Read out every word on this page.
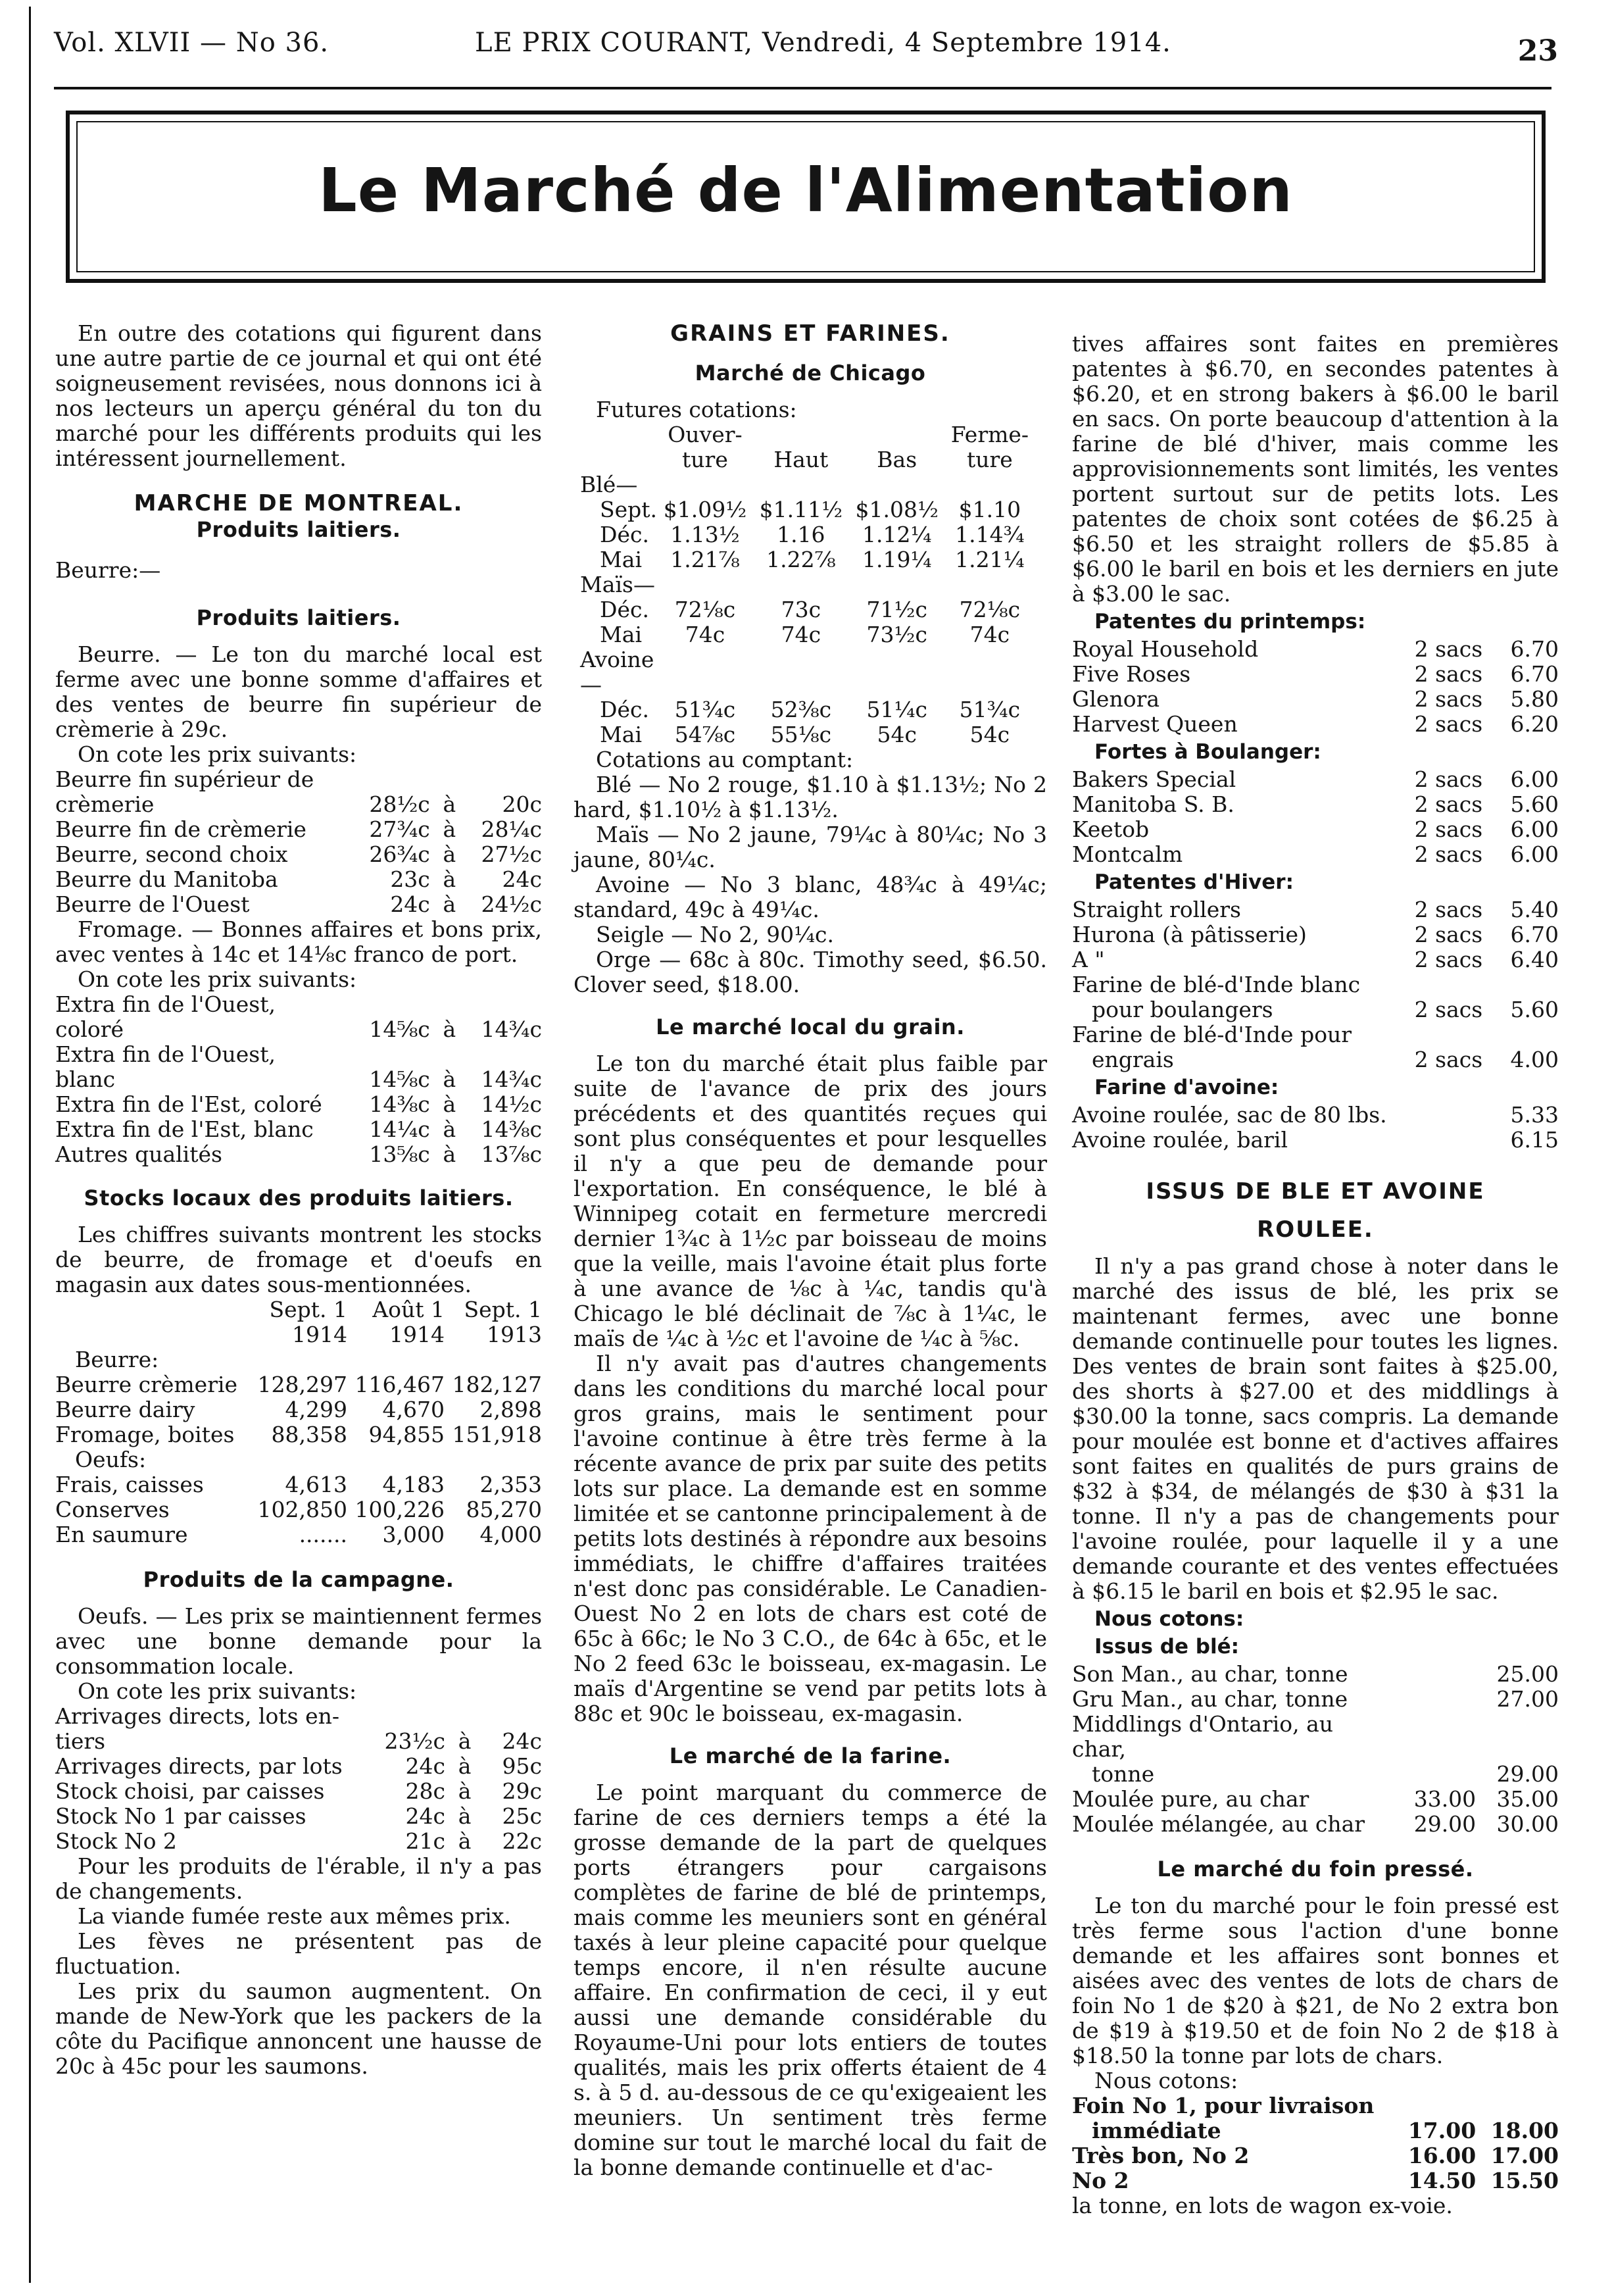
Vol. XLVII — No 36.	LE PRIX COURANT, Vendredi, 4 Septembre 1914.	23
Le Marché de l'Alimentation

En outre des cotations qui figurent dans une autre partie de ce journal et qui ont été soigneusement revisées, nous donnons ici à nos lecteurs un aperçu général du ton du marché pour les différents produits qui les intéressent journellement.

MARCHE DE MONTREAL.
Produits laitiers.

Beurre:—

Produits laitiers.

Beurre. — Le ton du marché local est ferme avec une bonne somme d'affaires et des ventes de beurre fin supérieur de crèmerie à 29c.

On cote les prix suivants:

Beurre fin supérieur de			
crèmerie	28½c	à	20c
Beurre fin de crèmerie	27¾c	à	28¼c
Beurre, second choix	26¾c	à	27½c
Beurre du Manitoba	23c	à	24c
Beurre de l'Ouest	24c	à	24½c

Fromage. — Bonnes affaires et bons prix, avec ventes à 14c et 14⅛c franco de port.

On cote les prix suivants:

Extra fin de l'Ouest,			
coloré	14⅝c	à	14¾c
Extra fin de l'Ouest,			
blanc	14⅝c	à	14¾c
Extra fin de l'Est, coloré	14⅜c	à	14½c
Extra fin de l'Est, blanc	14¼c	à	14⅜c
Autres qualités	13⅝c	à	13⅞c
Stocks locaux des produits laitiers.

Les chiffres suivants montrent les stocks de beurre, de fromage et d'oeufs en magasin aux dates sous-mentionnées.

	Sept. 1	Août 1	Sept. 1
	1914	1914	1913
Beurre:			
Beurre crèmerie	128,297	116,467	182,127
Beurre dairy	4,299	4,670	2,898
Fromage, boites	88,358	94,855	151,918
Oeufs:			
Frais, caisses	4,613	4,183	2,353
Conserves	102,850	100,226	85,270
En saumure	.......	3,000	4,000
Produits de la campagne.

Oeufs. — Les prix se maintiennent fermes avec une bonne demande pour la consommation locale.

On cote les prix suivants:

Arrivages directs, lots en-			
tiers	23½c	à	24c
Arrivages directs, par lots	24c	à	95c
Stock choisi, par caisses	28c	à	29c
Stock No 1 par caisses	24c	à	25c
Stock No 2	21c	à	22c

Pour les produits de l'érable, il n'y a pas de changements.

La viande fumée reste aux mêmes prix.

Les fèves ne présentent pas de fluctuation.

Les prix du saumon augmentent. On mande de New-York que les packers de la côte du Pacifique annoncent une hausse de 20c à 45c pour les saumons.

GRAINS ET FARINES.
Marché de Chicago

Futures cotations:

	Ouver-
ture	Haut	Bas	Ferme-
ture
Blé—				
Sept.	$1.09½	$1.11½	$1.08½	$1.10
Déc.	1.13½	1.16	1.12¼	1.14¾
Mai	1.21⅞	1.22⅞	1.19¼	1.21¼
Maïs—				
Déc.	72⅛c	73c	71½c	72⅛c
Mai	74c	74c	73½c	74c
Avoine—				
Déc.	51¾c	52⅜c	51¼c	51¾c
Mai	54⅞c	55⅛c	54c	54c

Cotations au comptant:

Blé — No 2 rouge, $1.10 à $1.13½; No 2 hard, $1.10½ à $1.13½.

Maïs — No 2 jaune, 79¼c à 80¼c; No 3 jaune, 80¼c.

Avoine — No 3 blanc, 48¾c à 49¼c; standard, 49c à 49¼c.

Seigle — No 2, 90¼c.

Orge — 68c à 80c. Timothy seed, $6.50. Clover seed, $18.00.

Le marché local du grain.

Le ton du marché était plus faible par suite de l'avance de prix des jours précédents et des quantités reçues qui sont plus conséquentes et pour lesquelles il n'y a que peu de demande pour l'exportation. En conséquence, le blé à Winnipeg cotait en fermeture mercredi dernier 1¾c à 1½c par boisseau de moins que la veille, mais l'avoine était plus forte à une avance de ⅛c à ¼c, tandis qu'à Chicago le blé déclinait de ⅞c à 1¼c, le maïs de ¼c à ½c et l'avoine de ¼c à ⅝c.

Il n'y avait pas d'autres changements dans les conditions du marché local pour gros grains, mais le sentiment pour l'avoine continue à être très ferme à la récente avance de prix par suite des petits lots sur place. La demande est en somme limitée et se cantonne principalement à de petits lots destinés à répondre aux besoins immédiats, le chiffre d'affaires traitées n'est donc pas considérable. Le Canadien-Ouest No 2 en lots de chars est coté de 65c à 66c; le No 3 C.O., de 64c à 65c, et le No 2 feed 63c le boisseau, ex-magasin. Le maïs d'Argentine se vend par petits lots à 88c et 90c le boisseau, ex-magasin.

Le marché de la farine.

Le point marquant du commerce de farine de ces derniers temps a été la grosse demande de la part de quelques ports étrangers pour cargaisons complètes de farine de blé de printemps, mais comme les meuniers sont en général taxés à leur pleine capacité pour quelque temps encore, il n'en résulte aucune affaire. En confirmation de ceci, il y eut aussi une demande considérable du Royaume-Uni pour lots entiers de toutes qualités, mais les prix offerts étaient de 4 s. à 5 d. au-dessous de ce qu'exigeaient les meuniers. Un sentiment très ferme domine sur tout le marché local du fait de la bonne demande continuelle et d'ac-

tives affaires sont faites en premières patentes à $6.70, en secondes patentes à $6.20, et en strong bakers à $6.00 le baril en sacs. On porte beaucoup d'attention à la farine de blé d'hiver, mais comme les approvisionnements sont limités, les ventes portent surtout sur de petits lots. Les patentes de choix sont cotées de $6.25 à $6.50 et les straight rollers de $5.85 à $6.00 le baril en bois et les derniers en jute à $3.00 le sac.

Patentes du printemps:
Royal Household	2 sacs	6.70
Five Roses	2 sacs	6.70
Glenora	2 sacs	5.80
Harvest Queen	2 sacs	6.20
Fortes à Boulanger:
Bakers Special	2 sacs	6.00
Manitoba S. B.	2 sacs	5.60
Keetob	2 sacs	6.00
Montcalm	2 sacs	6.00
Patentes d'Hiver:
Straight rollers	2 sacs	5.40
Hurona (à pâtisserie)	2 sacs	6.70
A "	2 sacs	6.40
Farine de blé-d'Inde blanc		
pour boulangers	2 sacs	5.60
Farine de blé-d'Inde pour		
engrais	2 sacs	4.00
Farine d'avoine:
Avoine roulée, sac de 80 lbs.		5.33
Avoine roulée, baril		6.15
ISSUS DE BLE ET AVOINE
ROULEE.

Il n'y a pas grand chose à noter dans le marché des issus de blé, les prix se maintenant fermes, avec une bonne demande continuelle pour toutes les lignes. Des ventes de brain sont faites à $25.00, des shorts à $27.00 et des middlings à $30.00 la tonne, sacs compris. La demande pour moulée est bonne et d'actives affaires sont faites en qualités de purs grains de $32 à $34, de mélangés de $30 à $31 la tonne. Il n'y a pas de changements pour l'avoine roulée, pour laquelle il y a une demande courante et des ventes effectuées à $6.15 le baril en bois et $2.95 le sac.

Nous cotons:
Issus de blé:
Son Man., au char, tonne		25.00
Gru Man., au char, tonne		27.00
Middlings d'Ontario, au char,		
tonne		29.00
Moulée pure, au char	33.00	35.00
Moulée mélangée, au char	29.00	30.00
Le marché du foin pressé.

Le ton du marché pour le foin pressé est très ferme sous l'action d'une bonne demande et les affaires sont bonnes et aisées avec des ventes de lots de chars de foin No 1 de $20 à $21, de No 2 extra bon de $19 à $19.50 et de foin No 2 de $18 à $18.50 la tonne par lots de chars.

Nous cotons:

Foin No 1, pour livraison		
immédiate	17.00	18.00
Très bon, No 2	16.00	17.00
No 2	14.50	15.50

la tonne, en lots de wagon ex-voie.
